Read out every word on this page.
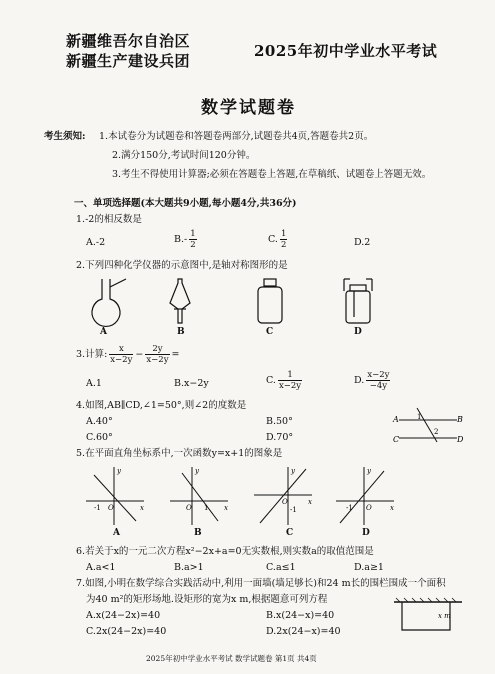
新疆维吾尔自治区
新疆生产建设兵团
2025年初中学业水平考试
数学试题卷
考生须知: 1.本试卷分为试题卷和答题卷两部分,试题卷共4页,答题卷共2页。
2.满分150分,考试时间120分钟。
3.考生不得使用计算器;必须在答题卷上答题,在草稿纸、试题卷上答题无效。
一、单项选择题(本大题共9小题,每小题4分,共36分)
1.-2的相反数是
A.-2	$B.- \frac{1}{2}$	C. $\frac{1}{2}$	D.2
2.下列四种化学仪器的示意图中,是轴对称图形的是
A	B	C	D
3.计算: $\frac{x}{x-2y} - \frac{2y}{x-2y}$ =
A.1	B.x−2y	C. $\frac{1}{x-2y}$	D. $\frac{x-2y}{-4y}$
4.如图,AB∥CD,∠1=50°,则∠2的度数是
A.40°	B.50°
C.60°	D.70°
A	B
C	D
1
2
5.在平面直角坐标系中,一次函数y=x+1的图象是
x
y
O
-1	x
y
O 1
x
y
O
-1	x
y
O
-1
A	B	C	D
6.若关于x的一元二次方程x²−2x+a=0无实数根,则实数a的取值范围是
A.a<1	B.a>1	C.a≤1	D.a≥1
7.如图,小明在数学综合实践活动中,利用一面墙(墙足够长)和24 m长的围栏围成一个面积
为40 m²的矩形场地.设矩形的宽为x m,根据题意可列方程
A.x(24−2x)=40	B.x(24−x)=40
C.2x(24−2x)=40	D.2x(24−x)=40
x m
2025年初中学业水平考试 数学试题卷 第1页 共4页
